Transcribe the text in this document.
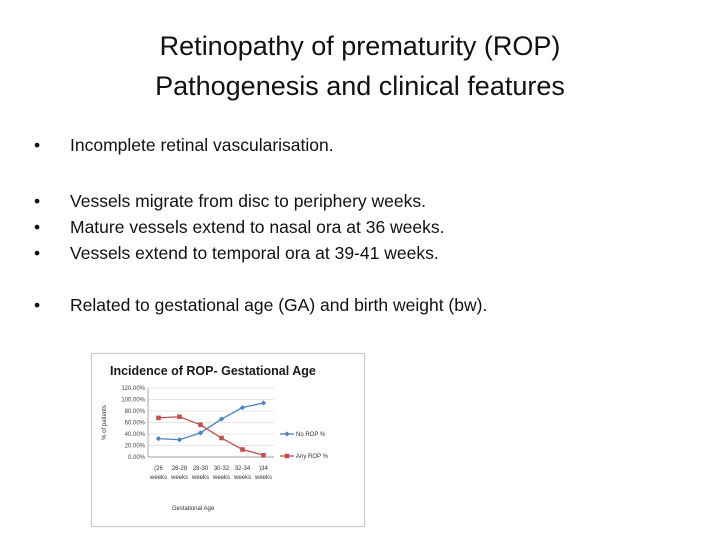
Retinopathy of prematurity (ROP)
Pathogenesis and clinical features
•	Incomplete retinal vascularisation.
•	Vessels migrate from disc to periphery weeks.
•	Mature vessels extend to nasal ora at 36 weeks.
•	Vessels extend to temporal ora at 39-41 weeks.
•	Related to gestational age (GA) and birth weight (bw).
Incidence of ROP- Gestational Age
0.00%
20.00%
40.00%
60.00%
80.00%
100.00%
120.00%
% of patients
(26
weeks
26-28
weeks
28-30
weeks
30-32
weeks
32-34
weeks
)34
weeks
Gestational Age
No ROP %
Any ROP %
